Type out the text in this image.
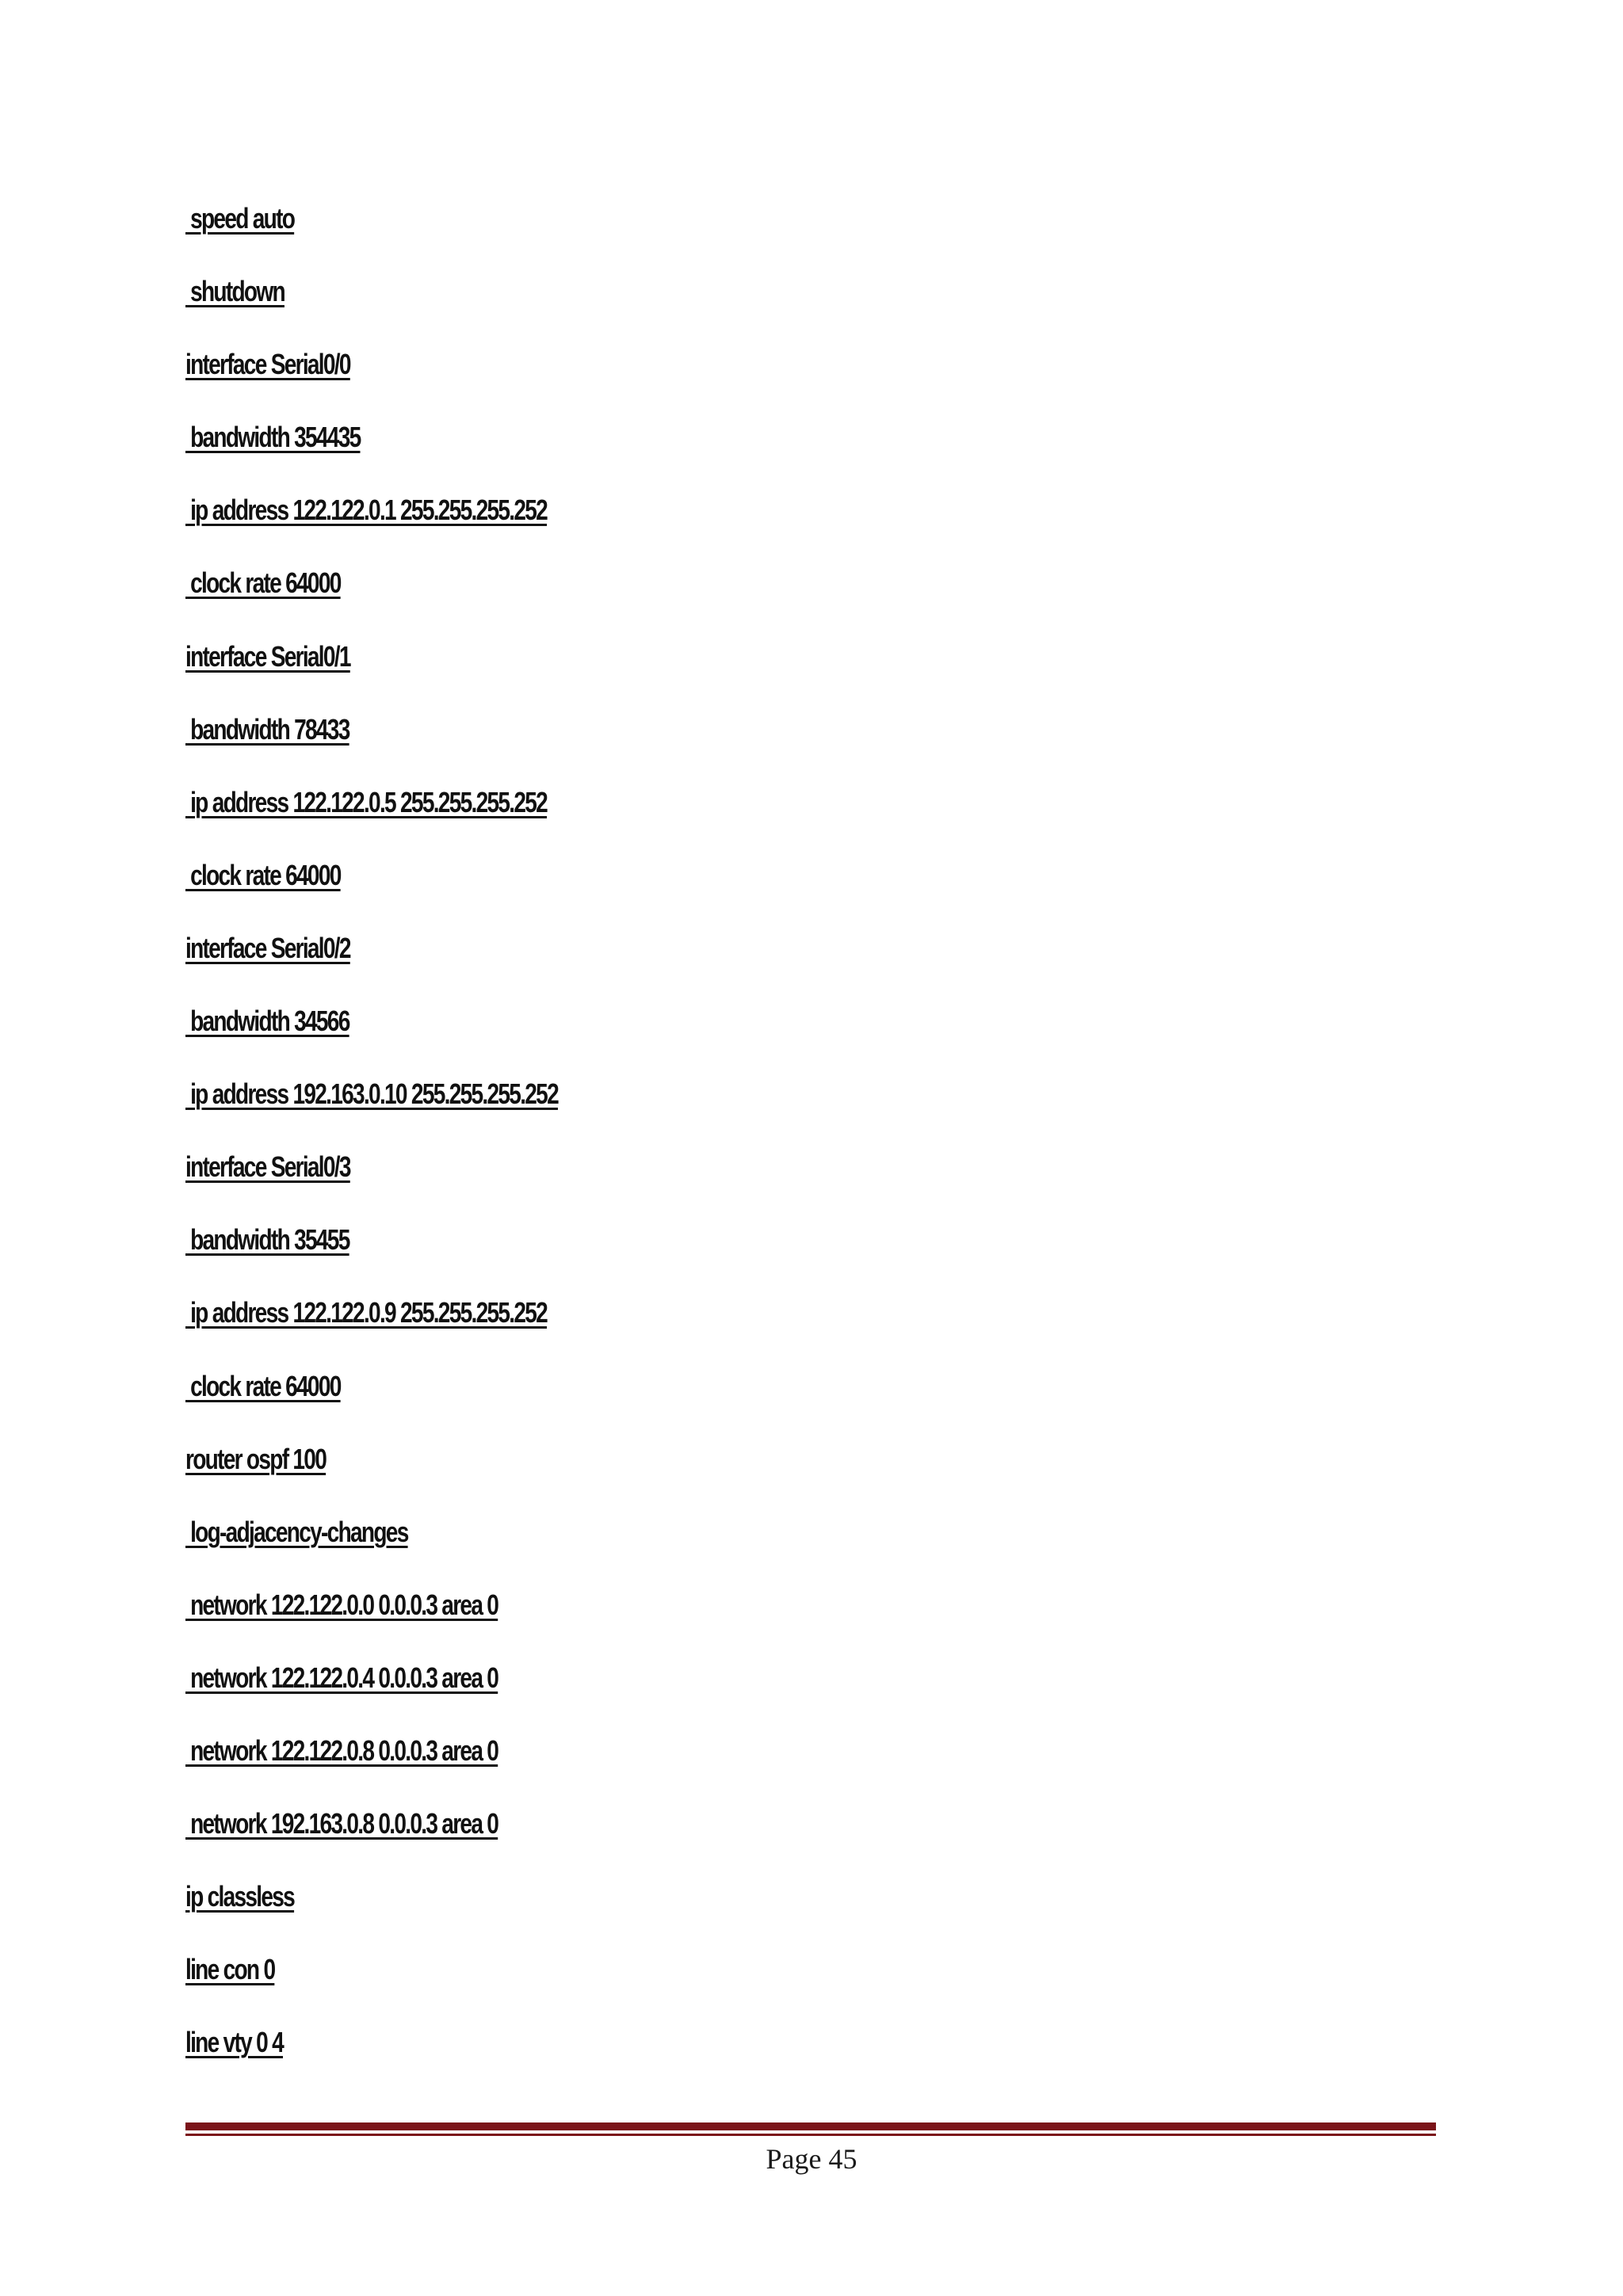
speed auto
shutdown
interface Serial0/0
bandwidth 354435
ip address 122.122.0.1 255.255.255.252
clock rate 64000
interface Serial0/1
bandwidth 78433
ip address 122.122.0.5 255.255.255.252
clock rate 64000
interface Serial0/2
bandwidth 34566
ip address 192.163.0.10 255.255.255.252
interface Serial0/3
bandwidth 35455
ip address 122.122.0.9 255.255.255.252
clock rate 64000
router ospf 100
log-adjacency-changes
network 122.122.0.0 0.0.0.3 area 0
network 122.122.0.4 0.0.0.3 area 0
network 122.122.0.8 0.0.0.3 area 0
network 192.163.0.8 0.0.0.3 area 0
ip classless
line con 0
line vty 0 4
Page 45
